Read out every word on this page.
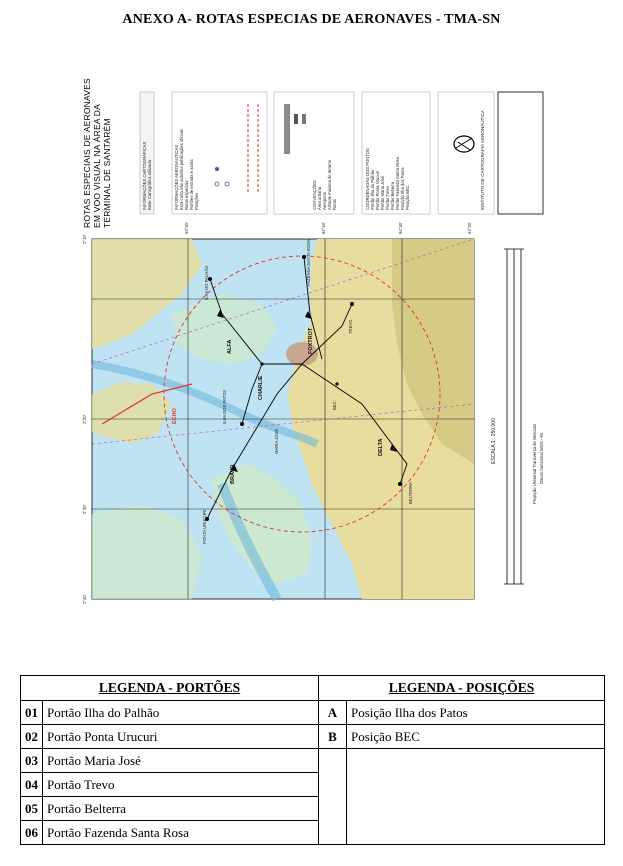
ANEXO A- ROTAS ESPECIAS DE AERONAVES - TMA-SN
ROTAS ESPECIAIS DE AERONAVES EM VOO VISUAL NA ÁREA DA TERMINAL DE SANTARÉM	INFORMAÇÕES CARTOGRÁFICAS Base Cartográfica utilizada	INFORMAÇÕES AERONÁUTICAS Esta carta não substitui publicações oficiais Rotas especiais Portões de entrada e saída Posições	CONVENÇÕES Área urbana Aeroporto Altitude máxima do terreno Rotas	COORDENADAS DOS PONTOS Portão Ilha do Palhão Portão Ponta Urucuri Portão Maria José Portão Trevo Portão Belterra Portão Fazenda Santa Rosa Posição Ilha dos Patos Posição BEC	INSTITUTO DE CARTOGRAFIA AERONÁUTICA
2°10'
2°20'
2°30'
2°40'
54°50'	54°40'	54°30'	54°20'
ALFA
BRAVO
CHARLIE
DELTA
ECHO
FOXTROT
ILHA DO PALHÃO
ILHA DOS PATOS
FAZENDA SANTA ROSA
MARIA JOSÉ
BELTERRA
PONTA URUCURI
TREVO
BEC
ESCALA 1 : 250.000	Projeção Universal Transversa de Mercator Datum horizontal WGS - 84
LEGENDA - PORTÕES		LEGENDA - POSIÇÕES	
01	Portão Ilha do Palhão	A	Posição Ilha dos Patos
02	Portão Ponta Urucuri	B	Posição BEC
03	Portão Maria José		
04	Portão Trevo		
05	Portão Belterra		
06	Portão Fazenda Santa Rosa		
